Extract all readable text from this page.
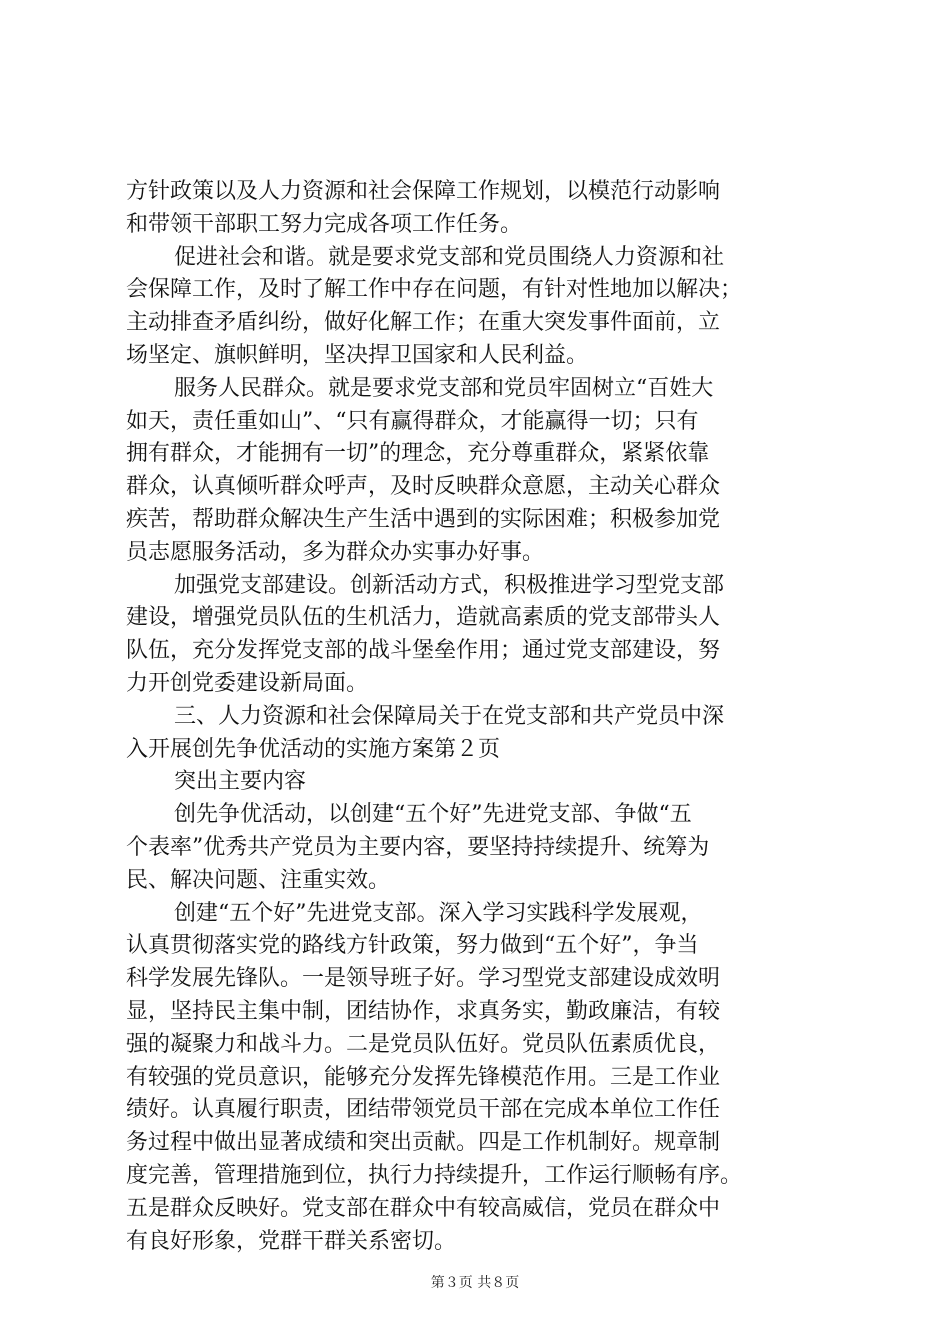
方针政策以及人力资源和社会保障工作规划，以模范行动影响
和带领干部职工努力完成各项工作任务。
促进社会和谐。就是要求党支部和党员围绕人力资源和社
会保障工作，及时了解工作中存在问题，有针对性地加以解决；
主动排查矛盾纠纷，做好化解工作；在重大突发事件面前，立
场坚定、旗帜鲜明，坚决捍卫国家和人民利益。
服务人民群众。就是要求党支部和党员牢固树立“百姓大
如天，责任重如山”、“只有赢得群众，才能赢得一切；只有
拥有群众，才能拥有一切”的理念，充分尊重群众，紧紧依靠
群众，认真倾听群众呼声，及时反映群众意愿，主动关心群众
疾苦，帮助群众解决生产生活中遇到的实际困难；积极参加党
员志愿服务活动，多为群众办实事办好事。
加强党支部建设。创新活动方式，积极推进学习型党支部
建设，增强党员队伍的生机活力，造就高素质的党支部带头人
队伍，充分发挥党支部的战斗堡垒作用；通过党支部建设，努
力开创党委建设新局面。
三、人力资源和社会保障局关于在党支部和共产党员中深
入开展创先争优活动的实施方案第２页
突出主要内容
创先争优活动，以创建“五个好”先进党支部、争做“五
个表率”优秀共产党员为主要内容，要坚持持续提升、统筹为
民、解决问题、注重实效。
创建“五个好”先进党支部。深入学习实践科学发展观，
认真贯彻落实党的路线方针政策，努力做到“五个好”，争当
科学发展先锋队。一是领导班子好。学习型党支部建设成效明
显，坚持民主集中制，团结协作，求真务实，勤政廉洁，有较
强的凝聚力和战斗力。二是党员队伍好。党员队伍素质优良，
有较强的党员意识，能够充分发挥先锋模范作用。三是工作业
绩好。认真履行职责，团结带领党员干部在完成本单位工作任
务过程中做出显著成绩和突出贡献。四是工作机制好。规章制
度完善，管理措施到位，执行力持续提升，工作运行顺畅有序。
五是群众反映好。党支部在群众中有较高威信，党员在群众中
有良好形象，党群干群关系密切。
第３页 共８页
